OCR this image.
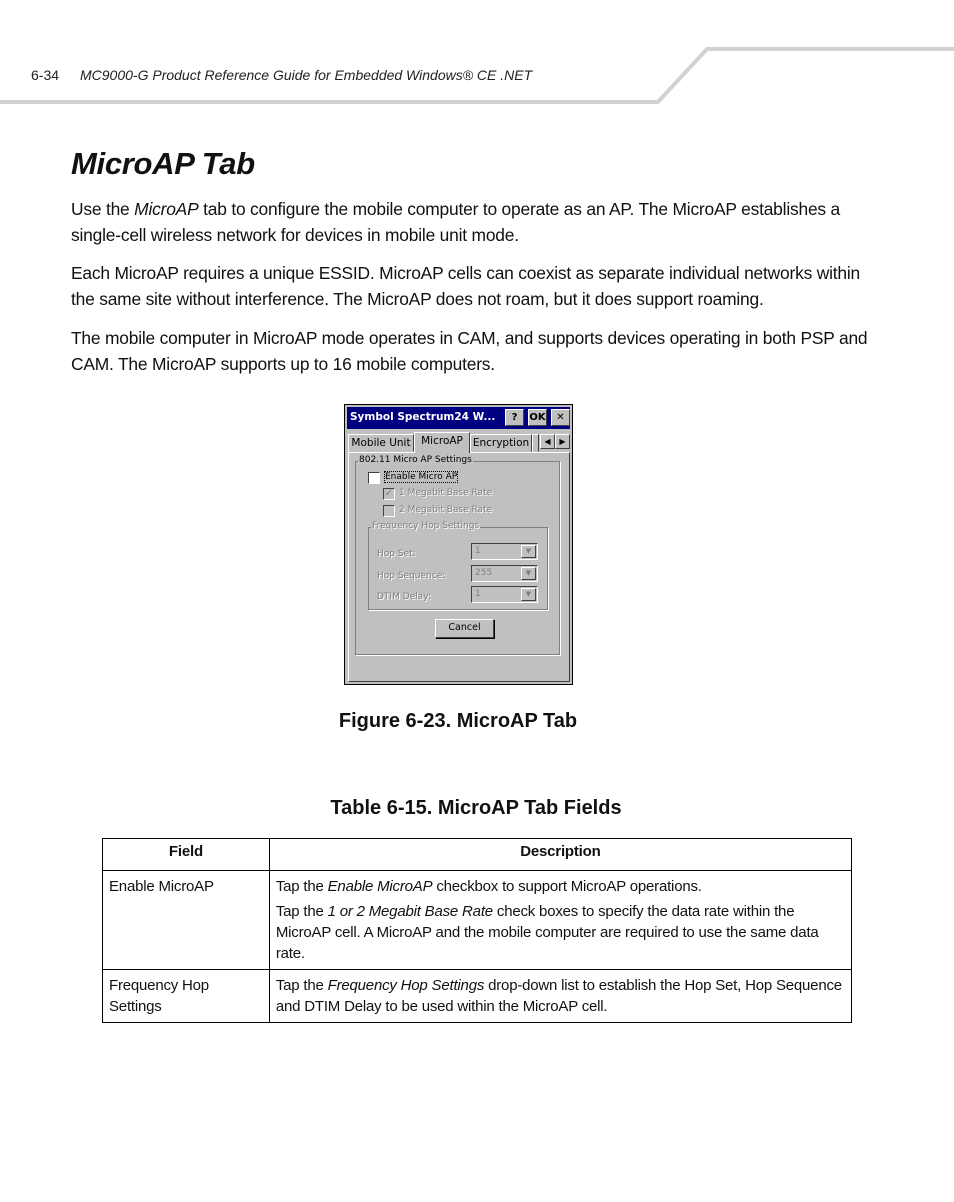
6-34 MC9000-G Product Reference Guide for Embedded Windows® CE .NET
MicroAP Tab

Use the MicroAP tab to configure the mobile computer to operate as an AP. The MicroAP establishes a single-cell wireless network for devices in mobile unit mode.

Each MicroAP requires a unique ESSID. MicroAP cells can coexist as separate individual networks within the same site without interference. The MicroAP does not roam, but it does support roaming.

The mobile computer in MicroAP mode operates in CAM, and supports devices operating in both PSP and CAM. The MicroAP supports up to 16 mobile computers.

Symbol Spectrum24 W...	?	OK	✕
Mobile Unit	MicroAP Encryption	◀	▶
802.11 Micro AP Settings
Enable Micro AP
✓ 1 Megabit Base Rate
2 Megabit Base Rate
Frequency Hop Settings
Hop Set:	1	▼
Hop Sequence:	255	▼
DTIM Delay:	1	▼
Cancel

Figure 6-23. MicroAP Tab

Table 6-15. MicroAP Tab Fields

Field	Description
Enable MicroAP	Tap the Enable MicroAP checkbox to support MicroAP operations.

Tap the 1 or 2 Megabit Base Rate check boxes to specify the data rate within the MicroAP cell. A MicroAP and the mobile computer are required to use the same data rate.

Frequency Hop Settings	Tap the Frequency Hop Settings drop-down list to establish the Hop Set, Hop Sequence and DTIM Delay to be used within the MicroAP cell.
